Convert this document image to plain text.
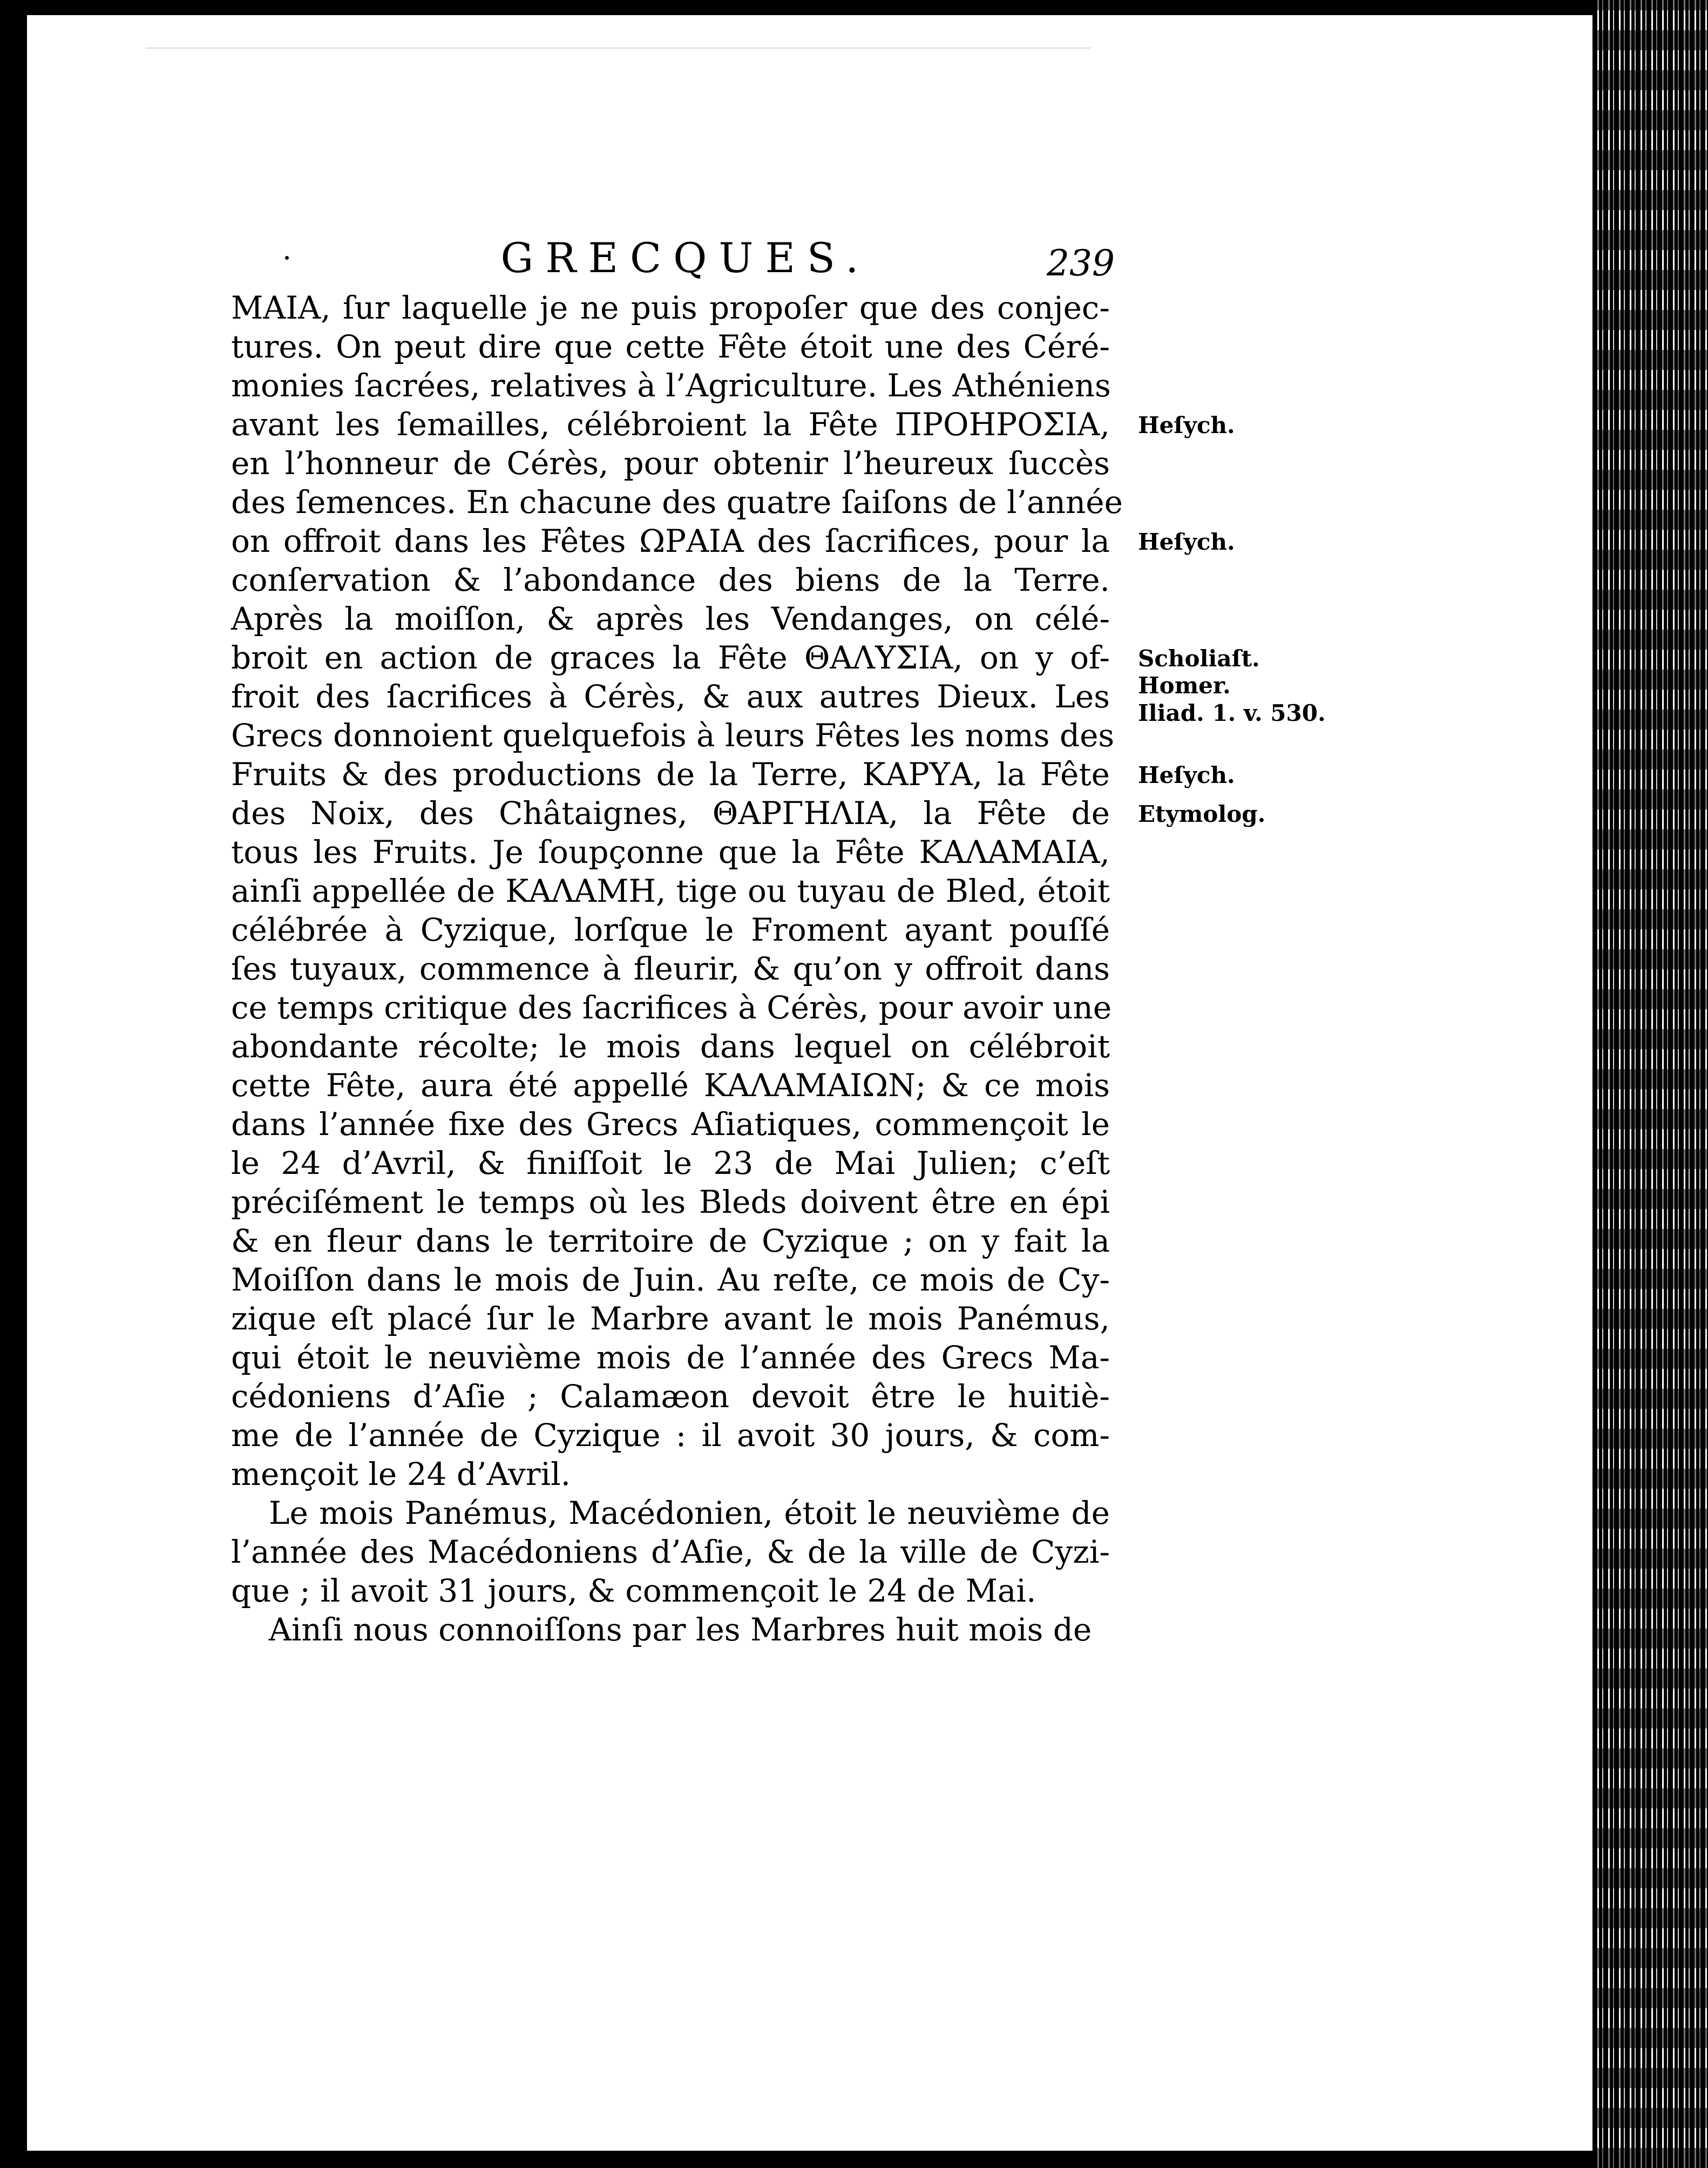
GRECQUES.	239
MAIA, ſur laquelle je ne puis propoſer que des conjec-
tures. On peut dire que cette Fête étoit une des Céré-
monies ſacrées, relatives à l’Agriculture. Les Athéniens
avant les ſemailles, célébroient la Fête ΠΡΟΗΡΟΣΙΑ,
en l’honneur de Cérès, pour obtenir l’heureux ſuccès
des ſemences. En chacune des quatre ſaiſons de l’année
on offroit dans les Fêtes ΩΡΑΙΑ des ſacrifices, pour la
conſervation & l’abondance des biens de la Terre.
Après la moiſſon, & après les Vendanges, on célé-
broit en action de graces la Fête ΘΑΛΥΣΙΑ, on y of-
froit des ſacrifices à Cérès, & aux autres Dieux. Les
Grecs donnoient quelquefois à leurs Fêtes les noms des
Fruits & des productions de la Terre, ΚΑΡΥΑ, la Fête
des Noix, des Châtaignes, ΘΑΡΓΗΛΙΑ, la Fête de
tous les Fruits. Je ſoupçonne que la Fête ΚΑΛΑΜΑΙΑ,
ainſi appellée de ΚΑΛΑΜΗ, tige ou tuyau de Bled, étoit
célébrée à Cyzique, lorſque le Froment ayant pouſſé
ſes tuyaux, commence à fleurir, & qu’on y offroit dans
ce temps critique des ſacrifices à Cérès, pour avoir une
abondante récolte; le mois dans lequel on célébroit
cette Fête, aura été appellé ΚΑΛΑΜΑΙΩΝ; & ce mois
dans l’année fixe des Grecs Aſiatiques, commençoit le
le 24 d’Avril, & finiſſoit le 23 de Mai Julien; c’eſt
préciſément le temps où les Bleds doivent être en épi
& en fleur dans le territoire de Cyzique ; on y fait la
Moiſſon dans le mois de Juin. Au reſte, ce mois de Cy-
zique eſt placé ſur le Marbre avant le mois Panémus,
qui étoit le neuvième mois de l’année des Grecs Ma-
cédoniens d’Aſie ; Calamæon devoit être le huitiè-
me de l’année de Cyzique : il avoit 30 jours, & com-
mençoit le 24 d’Avril.
Le mois Panémus, Macédonien, étoit le neuvième de
l’année des Macédoniens d’Aſie, & de la ville de Cyzi-
que ; il avoit 31 jours, & commençoit le 24 de Mai.
Ainſi nous connoiſſons par les Marbres huit mois de
Heſych.
Heſych.
Scholiaſt.
Homer.
Iliad. 1. v. 530.
Heſych.
Etymolog.
